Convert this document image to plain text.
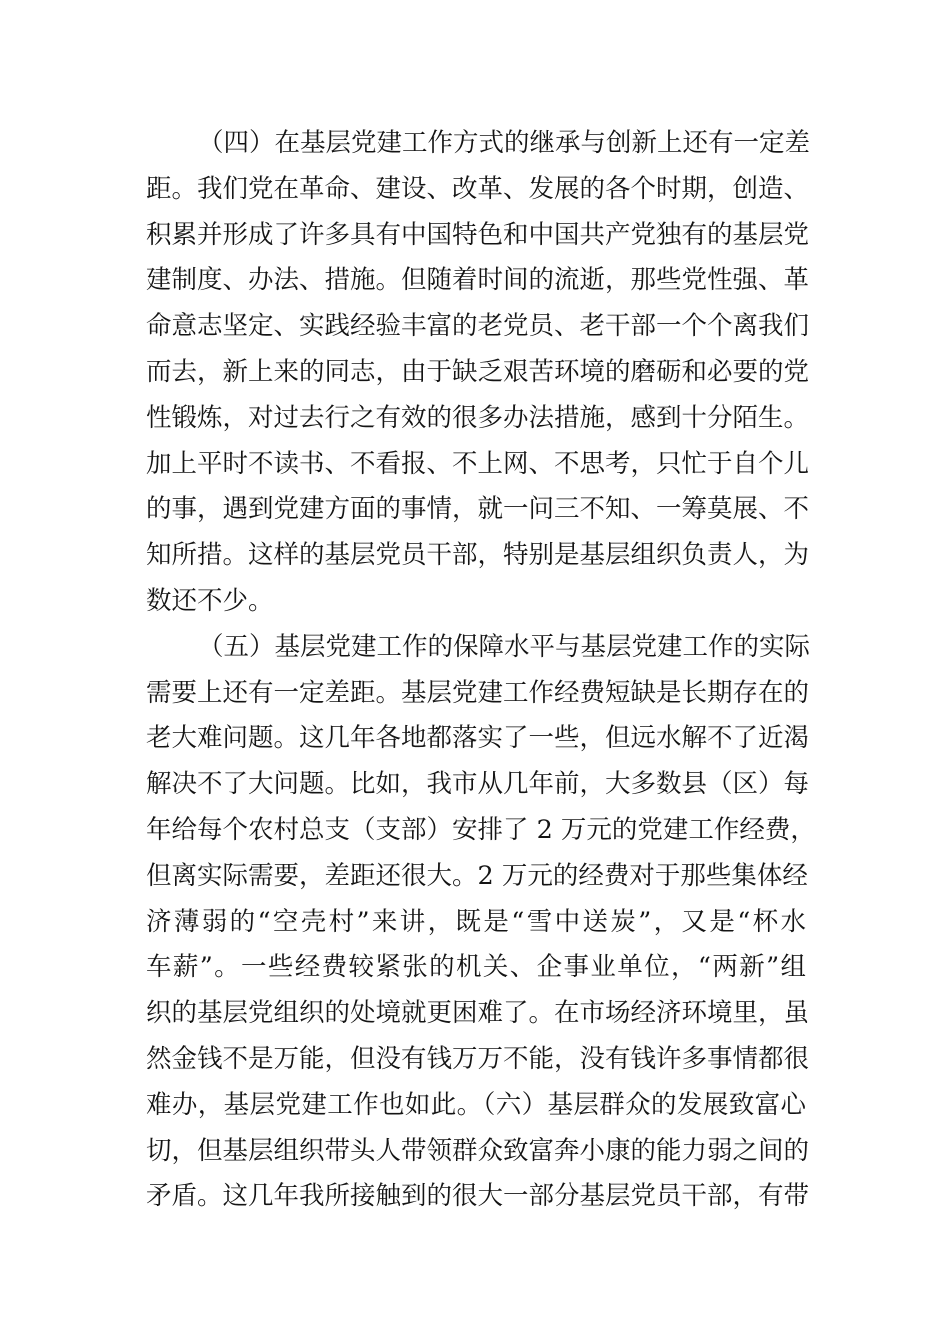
（四）在基层党建工作方式的继承与创新上还有一定差
距。我们党在革命、建设、改革、发展的各个时期，创造、
积累并形成了许多具有中国特色和中国共产党独有的基层党
建制度、办法、措施。但随着时间的流逝，那些党性强、革
命意志坚定、实践经验丰富的老党员、老干部一个个离我们
而去，新上来的同志，由于缺乏艰苦环境的磨砺和必要的党
性锻炼，对过去行之有效的很多办法措施，感到十分陌生。
加上平时不读书、不看报、不上网、不思考，只忙于自个儿
的事，遇到党建方面的事情，就一问三不知、一筹莫展、不
知所措。这样的基层党员干部，特别是基层组织负责人，为
数还不少。
（五）基层党建工作的保障水平与基层党建工作的实际
需要上还有一定差距。基层党建工作经费短缺是长期存在的
老大难问题。这几年各地都落实了一些，但远水解不了近渴
解决不了大问题。比如，我市从几年前，大多数县（区）每
年给每个农村总支（支部）安排了 2 万元的党建工作经费，
但离实际需要，差距还很大。2 万元的经费对于那些集体经
济薄弱的“空壳村”来讲，既是“雪中送炭”，又是“杯水
车薪”。一些经费较紧张的机关、企事业单位，“两新”组
织的基层党组织的处境就更困难了。在市场经济环境里，虽
然金钱不是万能，但没有钱万万不能，没有钱许多事情都很
难办，基层党建工作也如此。（六）基层群众的发展致富心
切，但基层组织带头人带领群众致富奔小康的能力弱之间的
矛盾。这几年我所接触到的很大一部分基层党员干部，有带
